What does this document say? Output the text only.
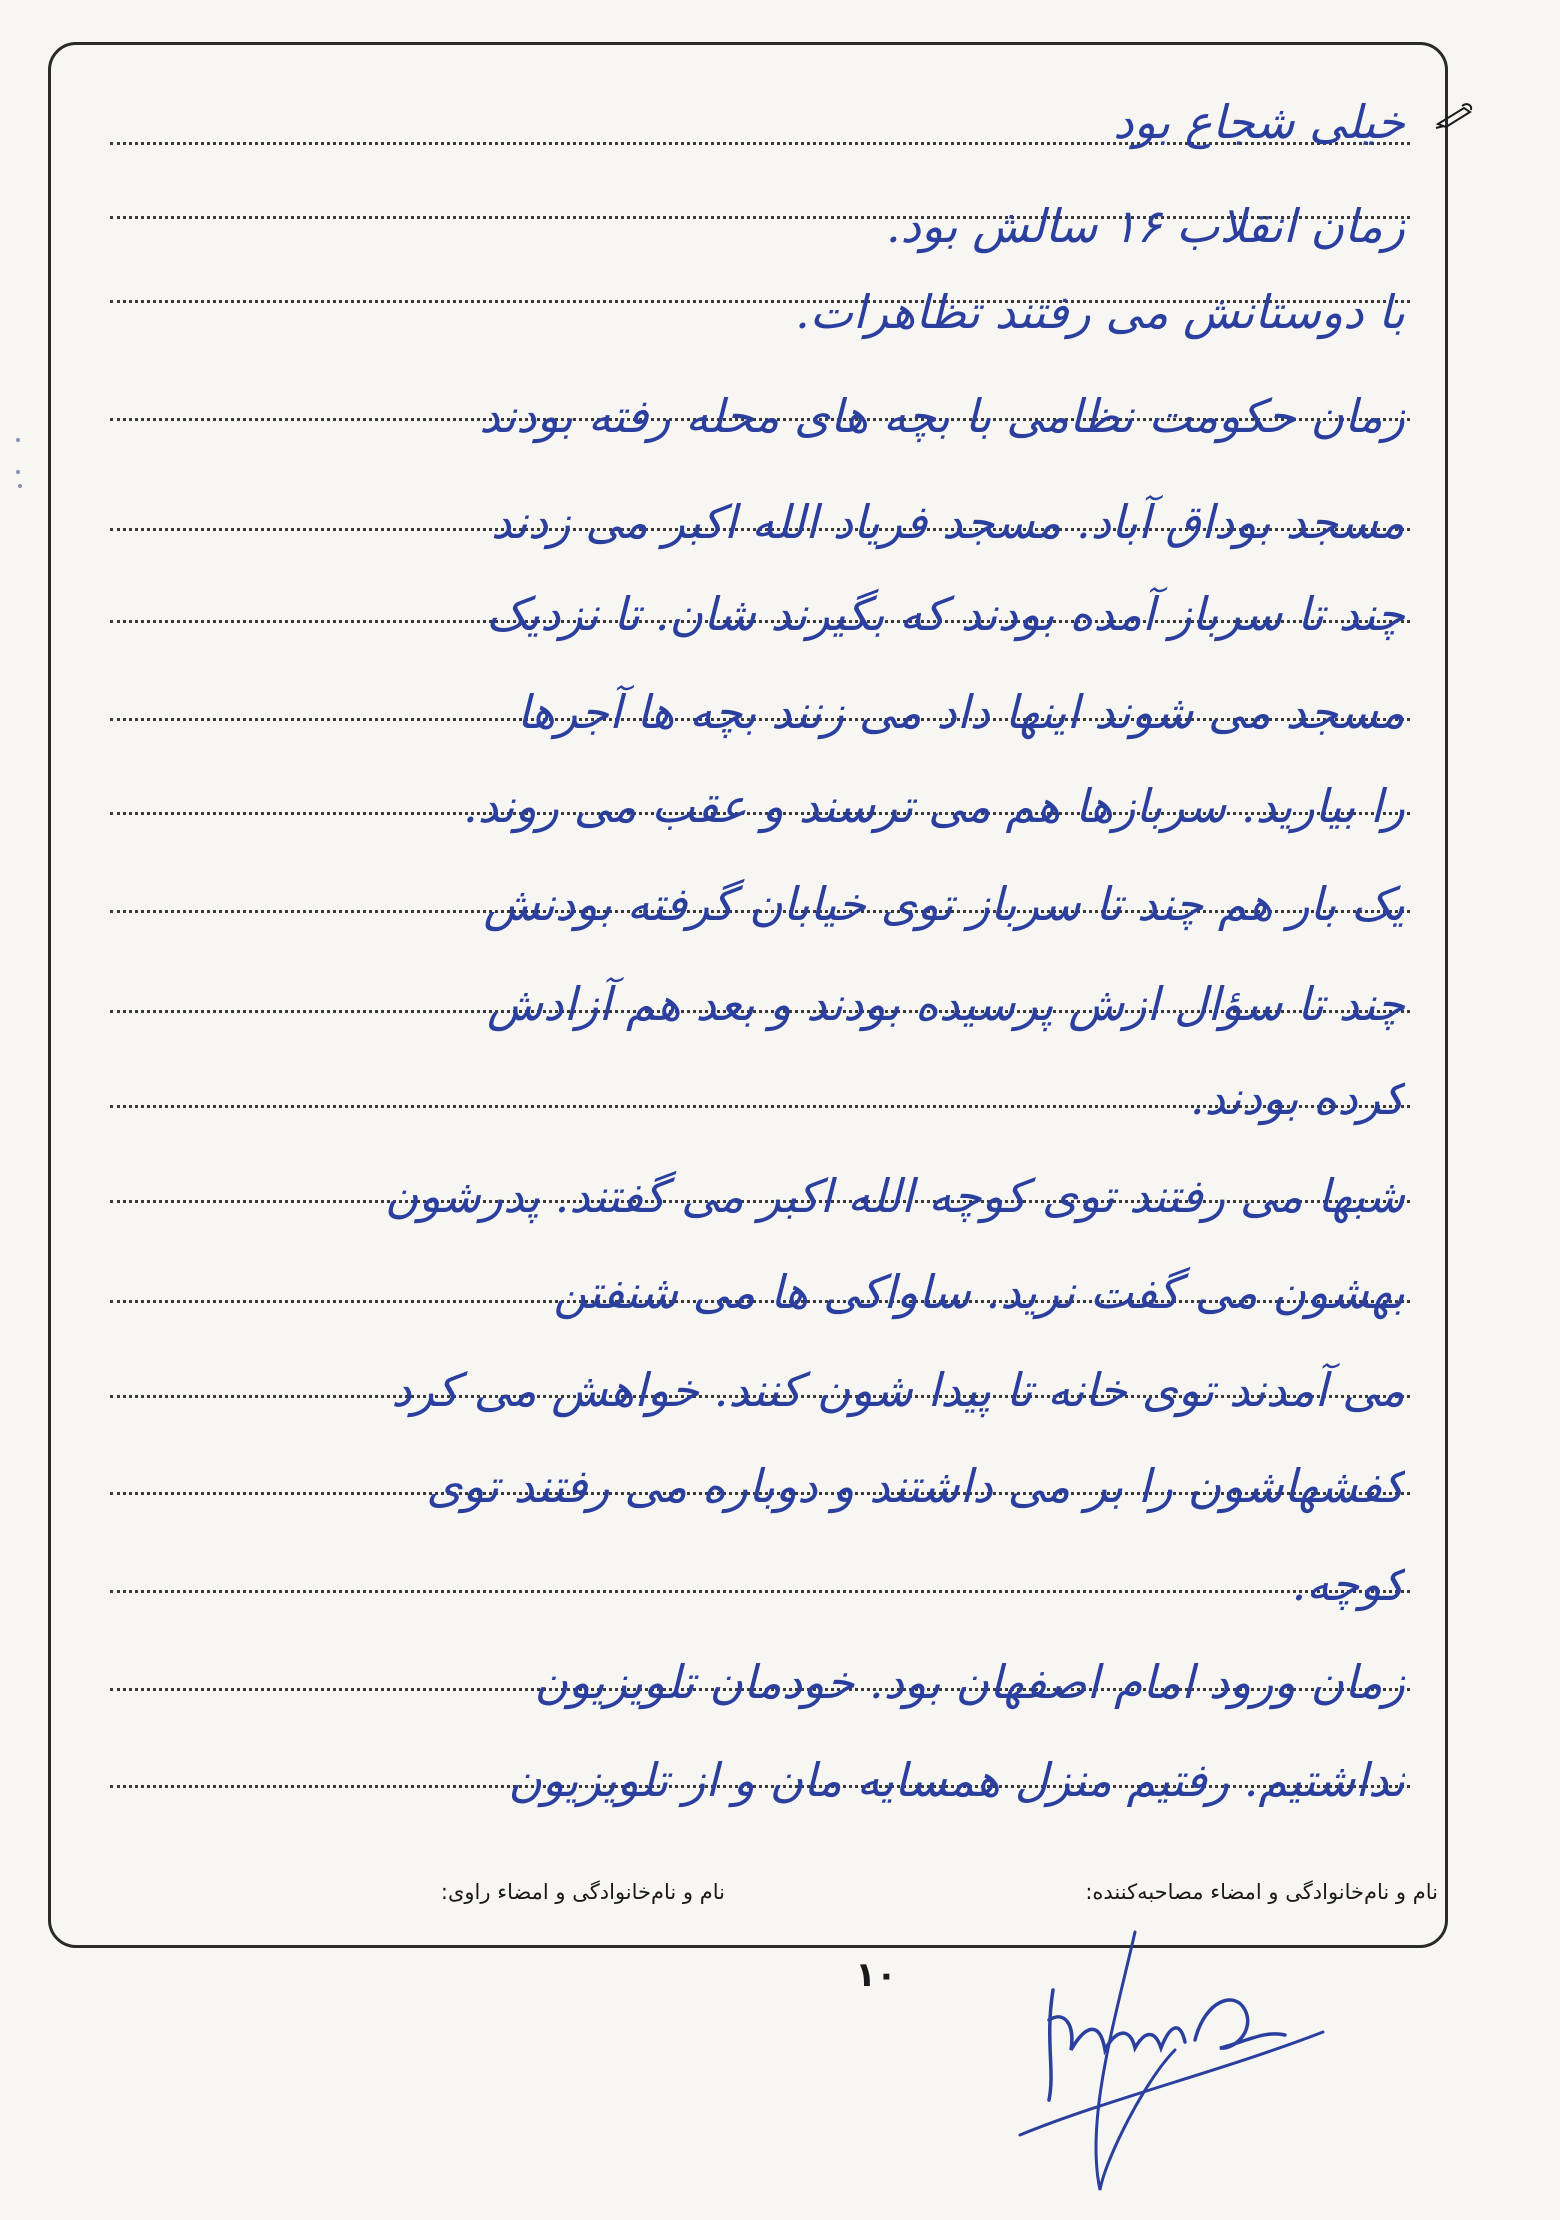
خیلی شجاع بود
زمان انقلاب ۱۶ سالش بود.
با دوستانش می رفتند تظاهرات.
زمان حکومت نظامی با بچه های محله رفته بودند
مسجد بوداق آباد. مسجد فریاد الله اکبر می زدند
چند تا سرباز آمده بودند که بگیرند شان. تا نزدیک
مسجد می شوند اینها داد می زنند بچه ها آجرها
را بیارید. سربازها هم می ترسند و عقب می روند.
یک بار هم چند تا سرباز توی خیابان گرفته بودنش
چند تا سؤال ازش پرسیده بودند و بعد هم آزادش
کرده بودند.
شبها می رفتند توی کوچه الله اکبر می گفتند. پدرشون
بهشون می گفت نرید. ساواکی ها می شنفتن
می آمدند توی خانه تا پیدا شون کنند. خواهش می کرد
کفشهاشون را بر می داشتند و دوباره می رفتند توی
کوچه.
زمان ورود امام اصفهان بود. خودمان تلویزیون
نداشتیم. رفتیم منزل همسایه مان و از تلویزیون
نام و نام‌خانوادگی و امضاء مصاحبه‌کننده:
نام و نام‌خانوادگی و امضاء راوی:
۱۰
